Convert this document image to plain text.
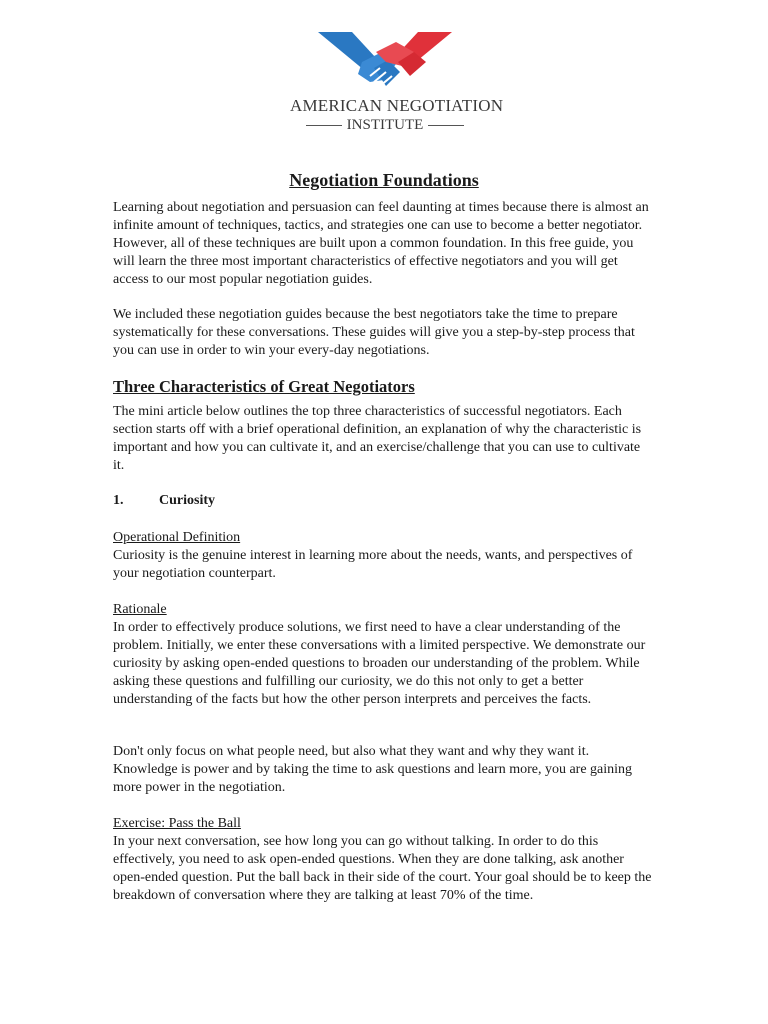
AMERICAN NEGOTIATION
INSTITUTE
Negotiation Foundations
Learning about negotiation and persuasion can feel daunting at times because there is almost an infinite amount of techniques, tactics, and strategies one can use to become a better negotiator. However, all of these techniques are built upon a common foundation. In this free guide, you will learn the three most important characteristics of effective negotiators and you will get access to our most popular negotiation guides.
We included these negotiation guides because the best negotiators take the time to prepare systematically for these conversations. These guides will give you a step-by-step process that you can use in order to win your every-day negotiations.
Three Characteristics of Great Negotiators
The mini article below outlines the top three characteristics of successful negotiators. Each section starts off with a brief operational definition, an explanation of why the characteristic is important and how you can cultivate it, and an exercise/challenge that you can use to cultivate it.
1.	Curiosity
Operational Definition
Curiosity is the genuine interest in learning more about the needs, wants, and perspectives of your negotiation counterpart.
Rationale
In order to effectively produce solutions, we first need to have a clear understanding of the problem. Initially, we enter these conversations with a limited perspective. We demonstrate our curiosity by asking open-ended questions to broaden our understanding of the problem. While asking these questions and fulfilling our curiosity, we do this not only to get a better understanding of the facts but how the other person interprets and perceives the facts.
Don't only focus on what people need, but also what they want and why they want it. Knowledge is power and by taking the time to ask questions and learn more, you are gaining more power in the negotiation.
Exercise: Pass the Ball
In your next conversation, see how long you can go without talking. In order to do this effectively, you need to ask open-ended questions. When they are done talking, ask another open-ended question. Put the ball back in their side of the court. Your goal should be to keep the breakdown of conversation where they are talking at least 70% of the time.
